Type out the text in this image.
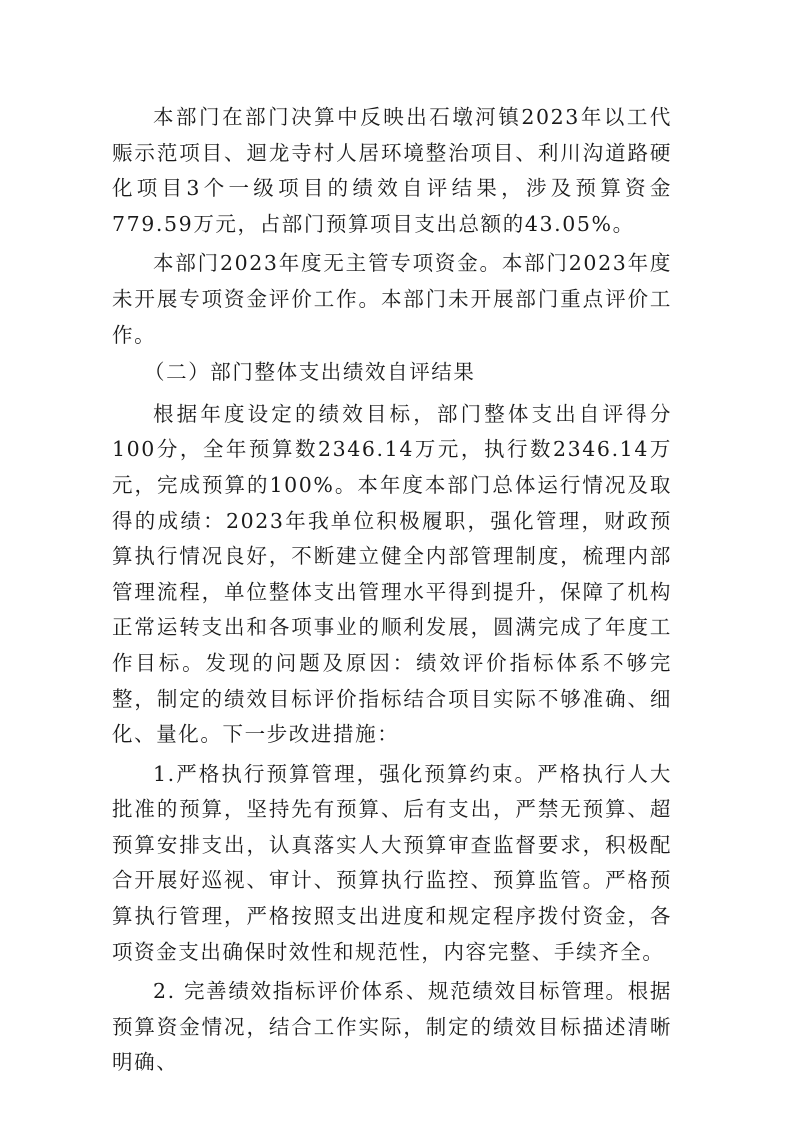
本部门在部门决算中反映出石墩河镇2023年以工代赈示范项目、迴龙寺村人居环境整治项目、利川沟道路硬化项目3个一级项目的绩效自评结果，涉及预算资金779.59万元，占部门预算项目支出总额的43.05%。

本部门2023年度无主管专项资金。本部门2023年度未开展专项资金评价工作。本部门未开展部门重点评价工作。

（二）部门整体支出绩效自评结果

根据年度设定的绩效目标，部门整体支出自评得分100分，全年预算数2346.14万元，执行数2346.14万元，完成预算的100%。本年度本部门总体运行情况及取得的成绩：2023年我单位积极履职，强化管理，财政预算执行情况良好，不断建立健全内部管理制度，梳理内部管理流程，单位整体支出管理水平得到提升，保障了机构正常运转支出和各项事业的顺利发展，圆满完成了年度工作目标。发现的问题及原因：绩效评价指标体系不够完整，制定的绩效目标评价指标结合项目实际不够准确、细化、量化。下一步改进措施：

1.严格执行预算管理，强化预算约束。严格执行人大批准的预算，坚持先有预算、后有支出，严禁无预算、超预算安排支出，认真落实人大预算审查监督要求，积极配合开展好巡视、审计、预算执行监控、预算监管。严格预算执行管理，严格按照支出进度和规定程序拨付资金，各项资金支出确保时效性和规范性，内容完整、手续齐全。

2. 完善绩效指标评价体系、规范绩效目标管理。根据预算资金情况，结合工作实际，制定的绩效目标描述清晰明确、
